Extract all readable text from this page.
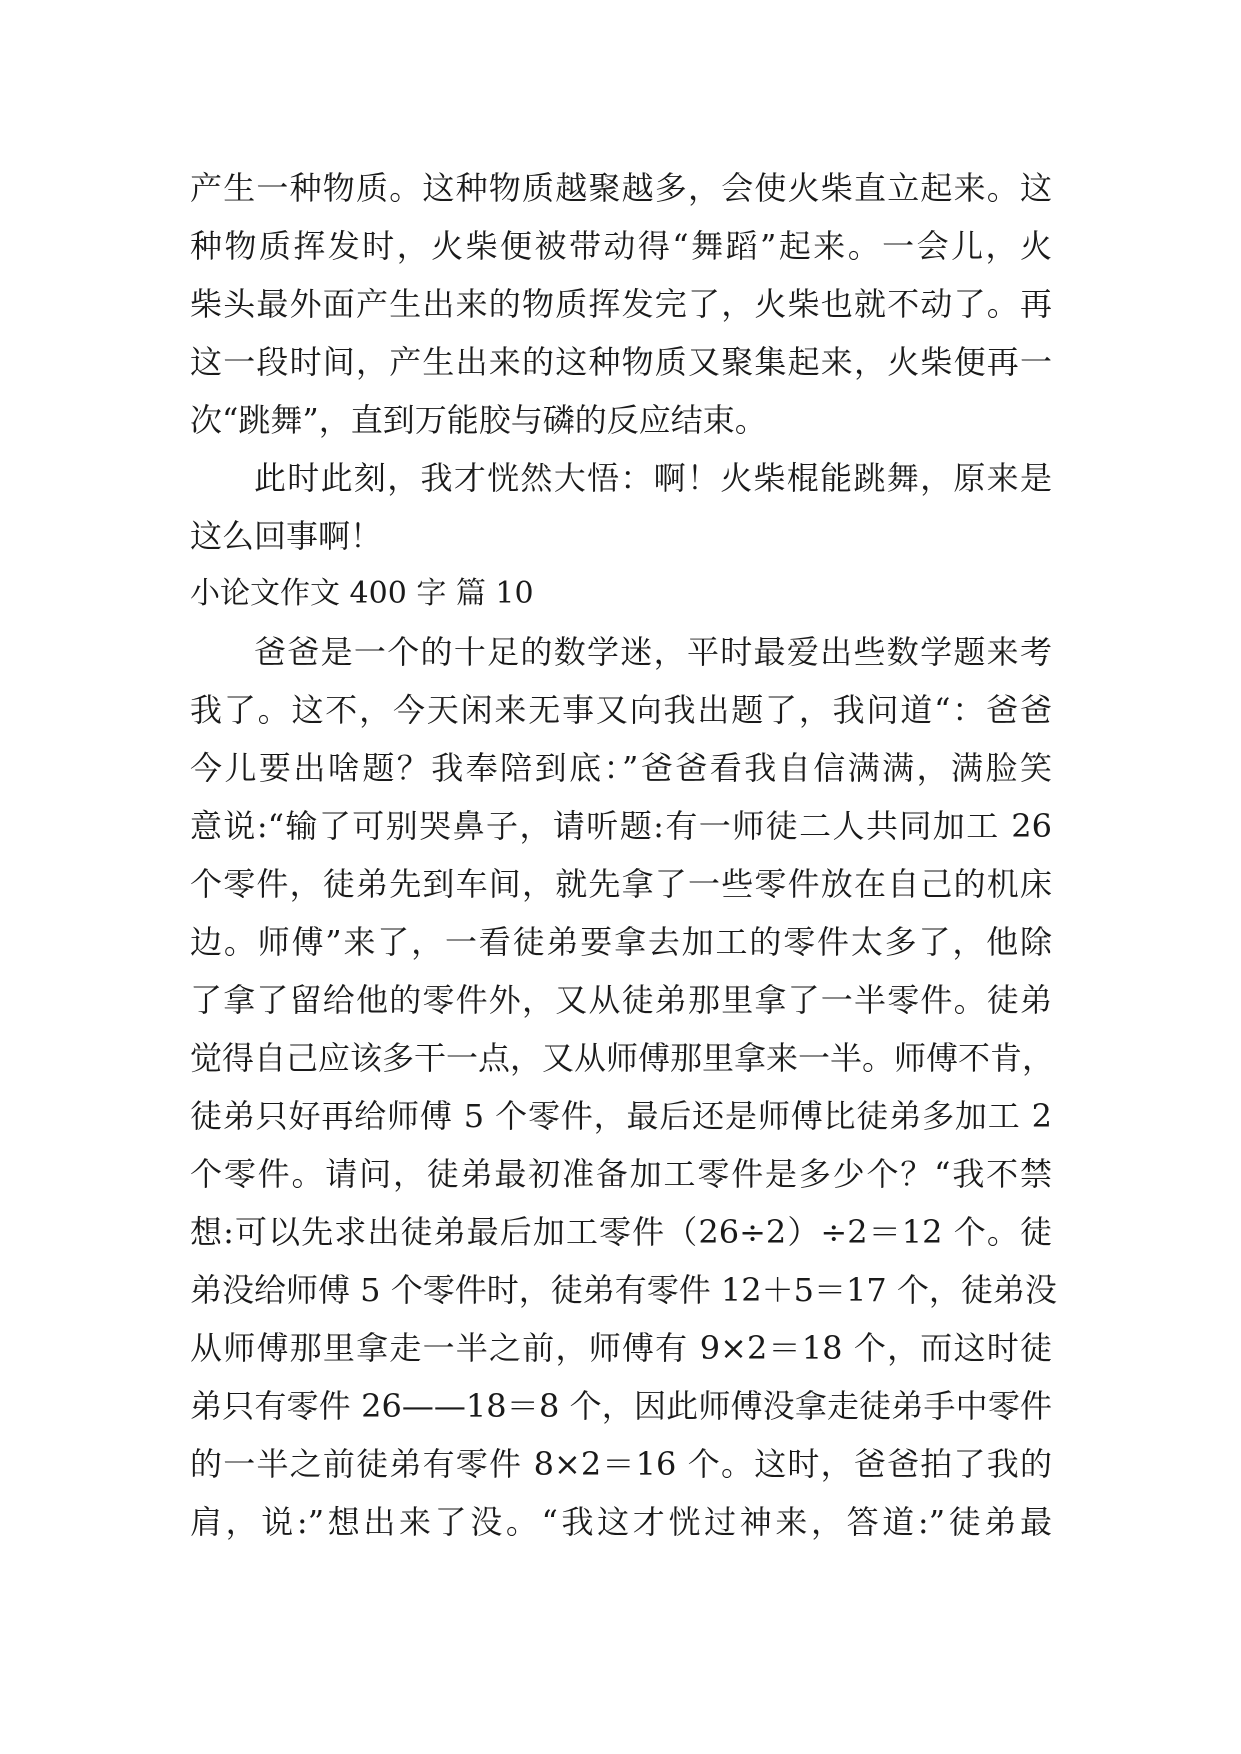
产生一种物质。这种物质越聚越多，会使火柴直立起来。这
种物质挥发时，火柴便被带动得“舞蹈”起来。一会儿，火
柴头最外面产生出来的物质挥发完了，火柴也就不动了。再
这一段时间，产生出来的这种物质又聚集起来，火柴便再一
次“跳舞”，直到万能胶与磷的反应结束。
此时此刻，我才恍然大悟：啊！火柴棍能跳舞，原来是
这么回事啊！
小论文作文 400 字 篇 10
爸爸是一个的十足的数学迷，平时最爱出些数学题来考
我了。这不，今天闲来无事又向我出题了，我问道“：爸爸
今儿要出啥题？我奉陪到底：”爸爸看我自信满满，满脸笑
意说:“输了可别哭鼻子，请听题:有一师徒二人共同加工 26
个零件，徒弟先到车间，就先拿了一些零件放在自己的机床
边。师傅”来了，一看徒弟要拿去加工的零件太多了，他除
了拿了留给他的零件外，又从徒弟那里拿了一半零件。徒弟
觉得自己应该多干一点，又从师傅那里拿来一半。师傅不肯，
徒弟只好再给师傅 5 个零件，最后还是师傅比徒弟多加工 2
个零件。请问，徒弟最初准备加工零件是多少个？“我不禁
想:可以先求出徒弟最后加工零件（26÷2）÷2＝12 个。徒
弟没给师傅 5 个零件时，徒弟有零件 12＋5＝17 个，徒弟没
从师傅那里拿走一半之前，师傅有 9×2＝18 个，而这时徒
弟只有零件 26——18＝8 个，因此师傅没拿走徒弟手中零件
的一半之前徒弟有零件 8×2＝16 个。这时，爸爸拍了我的
肩，说:”想出来了没。“我这才恍过神来，答道:”徒弟最
